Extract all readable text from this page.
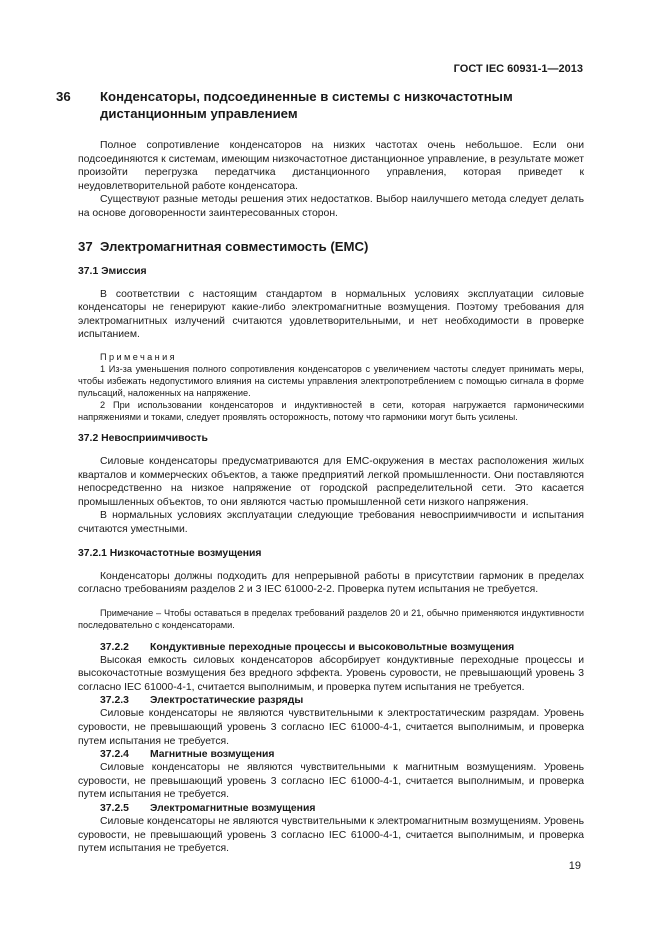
ГОСТ IEC 60931-1—2013
36 Конденсаторы, подсоединенные в системы с низкочастотным дистанционным управлением

Полное сопротивление конденсаторов на низких частотах очень небольшое. Если они подсоединяются к системам, имеющим низкочастотное дистанционное управление, в результате может произойти перегрузка передатчика дистанционного управления, которая приведет к неудовлетворительной работе конденсатора.

Существуют разные методы решения этих недостатков. Выбор наилучшего метода следует делать на основе договоренности заинтересованных сторон.

37 Электромагнитная совместимость (EMC)
37.1 Эмиссия

В соответствии с настоящим стандартом в нормальных условиях эксплуатации силовые конденсаторы не генерируют какие-либо электромагнитные возмущения. Поэтому требования для электромагнитных излучений считаются удовлетворительными, и нет необходимости в проверке испытанием.

Примечания

1 Из-за уменьшения полного сопротивления конденсаторов с увеличением частоты следует принимать меры, чтобы избежать недопустимого влияния на системы управления электропотреблением с помощью сигнала в форме пульсаций, наложенных на напряжение.

2 При использовании конденсаторов и индуктивностей в сети, которая нагружается гармоническими напряжениями и токами, следует проявлять осторожность, потому что гармоники могут быть усилены.

37.2 Невосприимчивость

Силовые конденсаторы предусматриваются для EMC-окружения в местах расположения жилых кварталов и коммерческих объектов, а также предприятий легкой промышленности. Они поставляются непосредственно на низкое напряжение от городской распределительной сети. Это касается промышленных объектов, то они являются частью промышленной сети низкого напряжения.

В нормальных условиях эксплуатации следующие требования невосприимчивости и испытания считаются уместными.

37.2.1 Низкочастотные возмущения

Конденсаторы должны подходить для непрерывной работы в присутствии гармоник в пределах согласно требованиям разделов 2 и 3 IEC 61000-2-2. Проверка путем испытания не требуется.

Примечание – Чтобы оставаться в пределах требований разделов 20 и 21, обычно применяются индуктивности последовательно с конденсаторами.

37.2.2 Кондуктивные переходные процессы и высоковольтные возмущения

Высокая емкость силовых конденсаторов абсорбирует кондуктивные переходные процессы и высокочастотные возмущения без вредного эффекта. Уровень суровости, не превышающий уровень 3 согласно IEC 61000-4-1, считается выполнимым, и проверка путем испытания не требуется.

37.2.3 Электростатические разряды

Силовые конденсаторы не являются чувствительными к электростатическим разрядам. Уровень суровости, не превышающий уровень 3 согласно IEC 61000-4-1, считается выполнимым, и проверка путем испытания не требуется.

37.2.4 Магнитные возмущения

Силовые конденсаторы не являются чувствительными к магнитным возмущениям. Уровень суровости, не превышающий уровень 3 согласно IEC 61000-4-1, считается выполнимым, и проверка путем испытания не требуется.

37.2.5 Электромагнитные возмущения

Силовые конденсаторы не являются чувствительными к электромагнитным возмущениям. Уровень суровости, не превышающий уровень 3 согласно IEC 61000-4-1, считается выполнимым, и проверка путем испытания не требуется.

19
